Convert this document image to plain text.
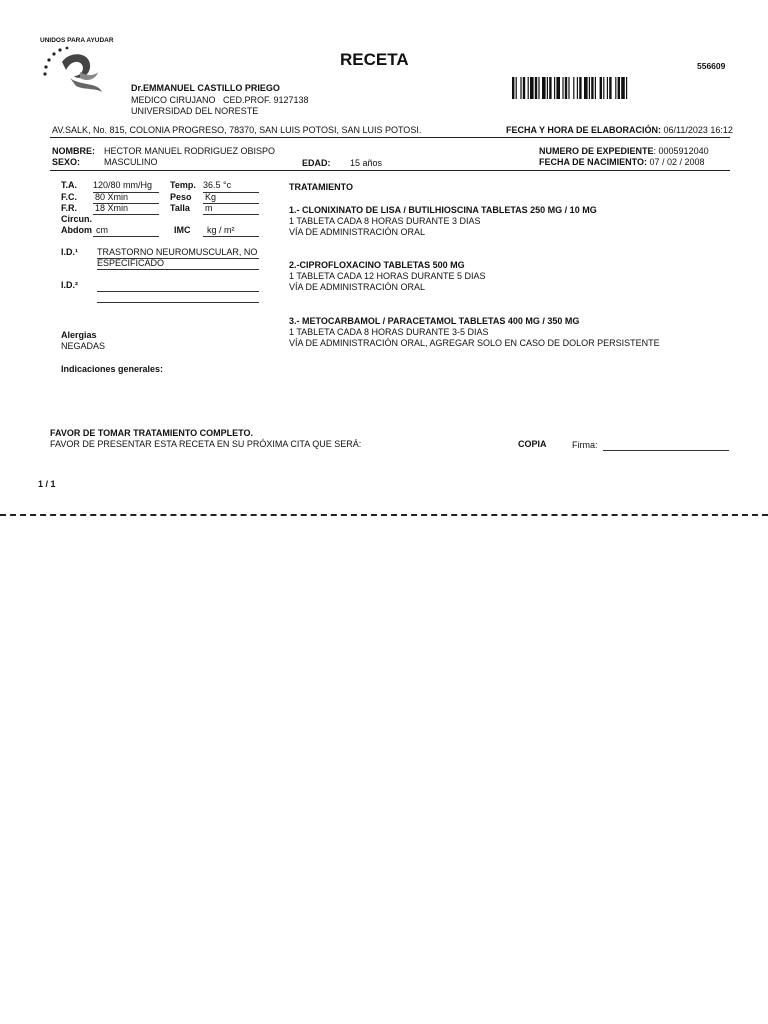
UNIDOS PARA AYUDAR
RECETA	556609
Dr.EMMANUEL CASTILLO PRIEGO
MEDICO CIRUJANO CED.PROF. 9127138
UNIVERSIDAD DEL NORESTE
AV.SALK, No. 815, COLONIA PROGRESO, 78370, SAN LUIS POTOSI, SAN LUIS POTOSI.	FECHA Y HORA DE ELABORACIÓN: 06/11/2023 16:12
NOMBRE: HECTOR MANUEL RODRIGUEZ OBISPO
SEXO:	MASCULINO	EDAD: 15 años
NUMERO DE EXPEDIENTE: 0005912040
FECHA DE NACIMIENTO: 07 / 02 / 2008
T.A. 120/80 mm/Hg Temp. 36.5 °c
F.C. 80 Xmin	Peso Kg
F.R. 18 Xmin	Talla m
Circun.
Abdom cm	IMC kg / m²
I.D.¹ TRASTORNO NEUROMUSCULAR, NO
ESPECIFICADO
I.D.²
Alergias
NEGADAS
Indicaciones generales:
TRATAMIENTO
1.- CLONIXINATO DE LISA / BUTILHIOSCINA TABLETAS 250 MG / 10 MG
1 TABLETA CADA 8 HORAS DURANTE 3 DIAS
VÍA DE ADMINISTRACIÓN ORAL
2.-CIPROFLOXACINO TABLETAS 500 MG
1 TABLETA CADA 12 HORAS DURANTE 5 DIAS
VÍA DE ADMINISTRACIÓN ORAL
3.- METOCARBAMOL / PARACETAMOL TABLETAS 400 MG / 350 MG
1 TABLETA CADA 8 HORAS DURANTE 3-5 DIAS
VÍA DE ADMINISTRACIÓN ORAL, AGREGAR SOLO EN CASO DE DOLOR PERSISTENTE
FAVOR DE TOMAR TRATAMIENTO COMPLETO.
FAVOR DE PRESENTAR ESTA RECETA EN SU PRÓXIMA CITA QUE SERÁ:	COPIA	Firma:
1 / 1
